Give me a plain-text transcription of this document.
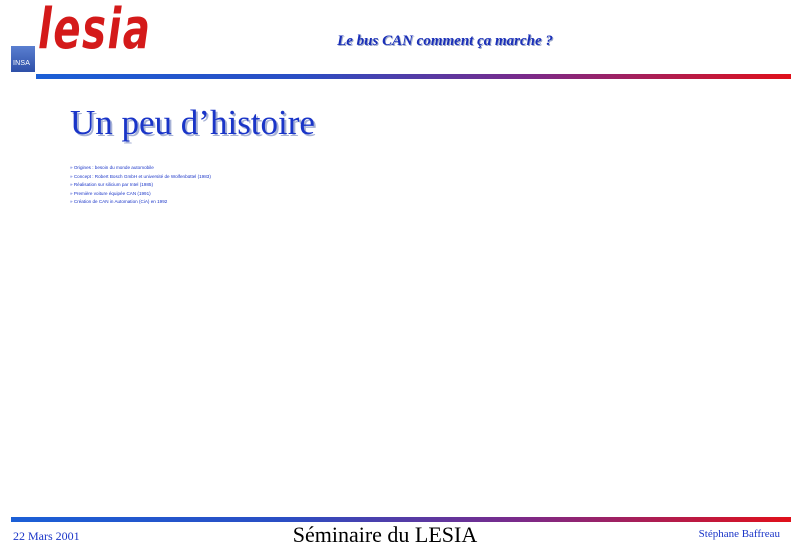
INSA
lesia	Le bus CAN comment ça marche ?
Un peu d’histoire
» Origines : besoin du monde automobile
» Concept : Robert Bosch GmbH et université de Wolfenbüttel (1983)
» Réalisation sur silicium par Intel (1985)
» Première voiture équipée CAN (1991)
» Création de CAN in Automation (CiA) en 1992
22 Mars 2001	Séminaire du LESIA	Stéphane Baffreau
